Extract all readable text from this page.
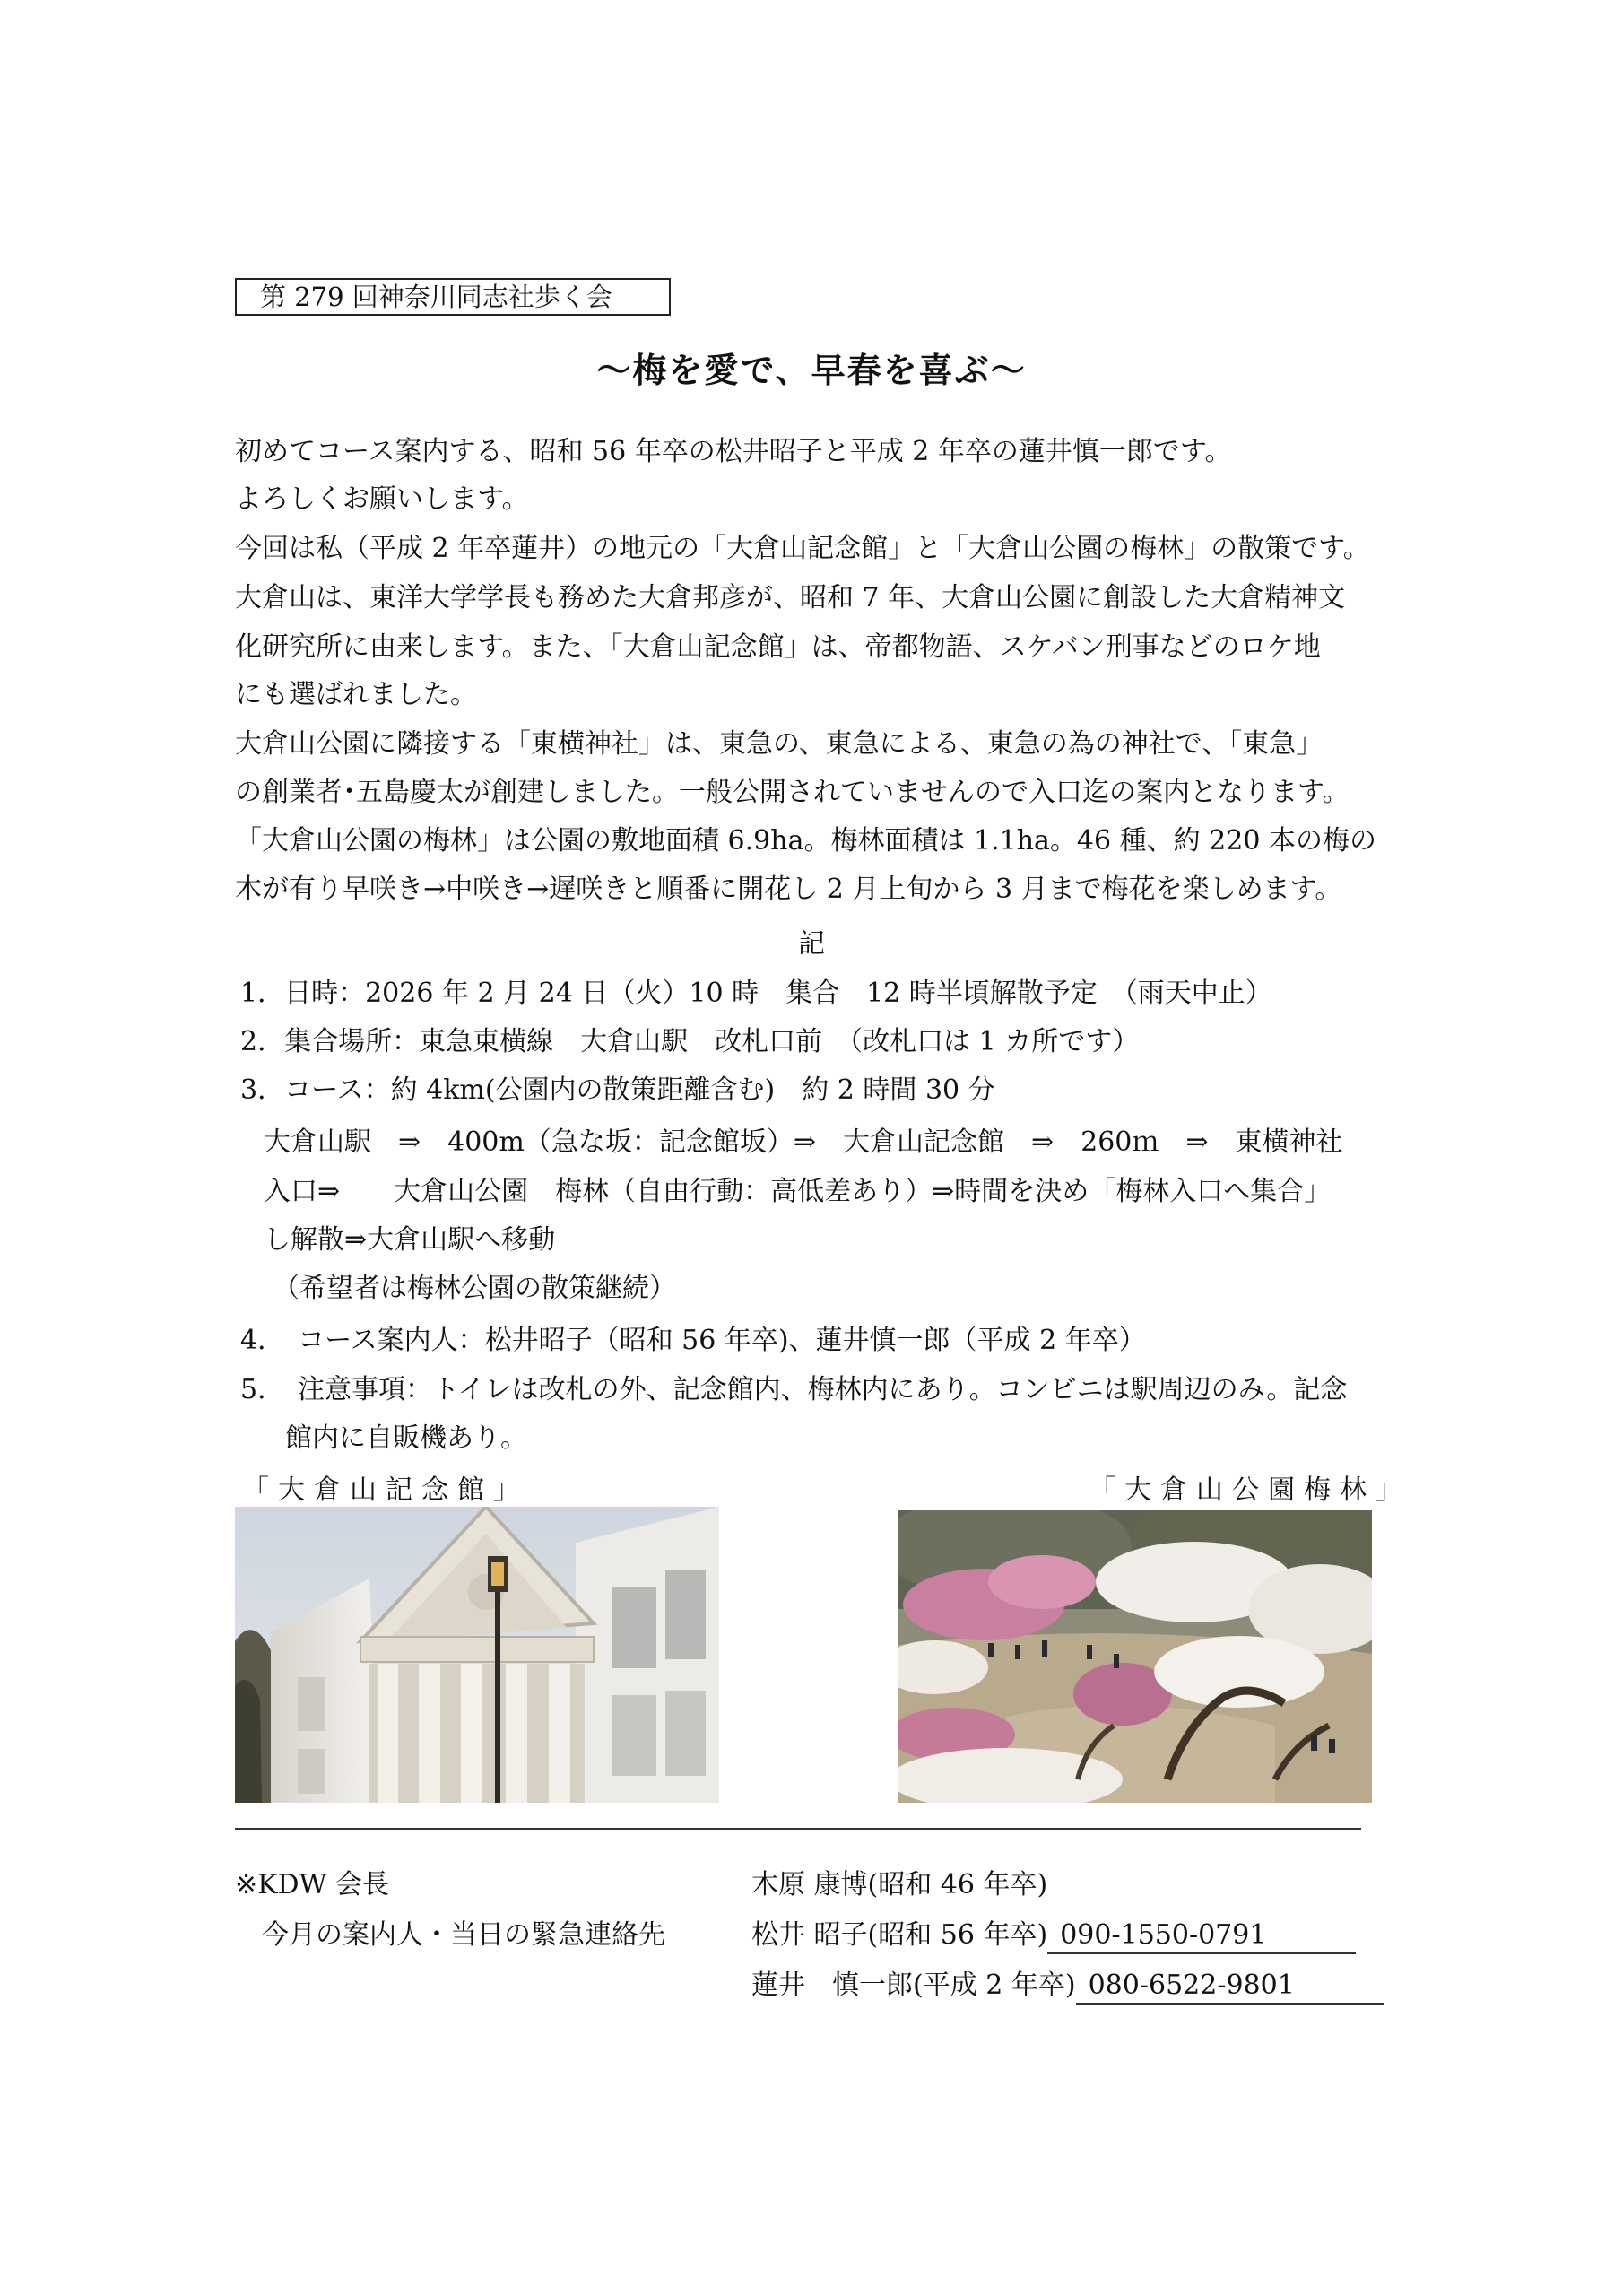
第 279 回神奈川同志社歩く会
～梅を愛で、早春を喜ぶ～
初めてコース案内する、昭和 56 年卒の松井昭子と平成 2 年卒の蓮井慎一郎です。
よろしくお願いします。
今回は私（平成 2 年卒蓮井）の地元の「大倉山記念館」と「大倉山公園の梅林」の散策です。
大倉山は、東洋大学学長も務めた大倉邦彦が、昭和 7 年、大倉山公園に創設した大倉精神文
化研究所に由来します。また、「大倉山記念館」は、帝都物語、スケバン刑事などのロケ地
にも選ばれました。
大倉山公園に隣接する「東横神社」は、東急の、東急による、東急の為の神社で、「東急」
の創業者･五島慶太が創建しました。一般公開されていませんので入口迄の案内となります。
「大倉山公園の梅林」は公園の敷地面積 6.9ha。梅林面積は 1.1ha。46 種、約 220 本の梅の
木が有り早咲き→中咲き→遅咲きと順番に開花し 2 月上旬から 3 月まで梅花を楽しめます。
記
1．日時：2026 年 2 月 24 日（火）10 時　集合　12 時半頃解散予定　（雨天中止）
2．集合場所：東急東横線　大倉山駅　改札口前　（改札口は 1 カ所です）
3．コース：約 4km(公園内の散策距離含む)　約 2 時間 30 分
大倉山駅　⇒　400m（急な坂：記念館坂）⇒　大倉山記念館　⇒　260ｍ　⇒　東横神社
入口⇒　　大倉山公園　梅林（自由行動：高低差あり）⇒時間を決め「梅林入口へ集合」
し解散⇒大倉山駅へ移動
（希望者は梅林公園の散策継続）
4．　コース案内人：松井昭子（昭和 56 年卒)、蓮井慎一郎（平成 2 年卒）
5．　注意事項：トイレは改札の外、記念館内、梅林内にあり。コンビニは駅周辺のみ。記念
館内に自販機あり。
「大倉山記念館」	「大倉山公園梅林」
※KDW 会長	木原 康博(昭和 46 年卒)
今月の案内人・当日の緊急連絡先	松井 昭子(昭和 56 年卒) 090-1550-0791
蓮井　慎一郎(平成 2 年卒) 080-6522-9801
